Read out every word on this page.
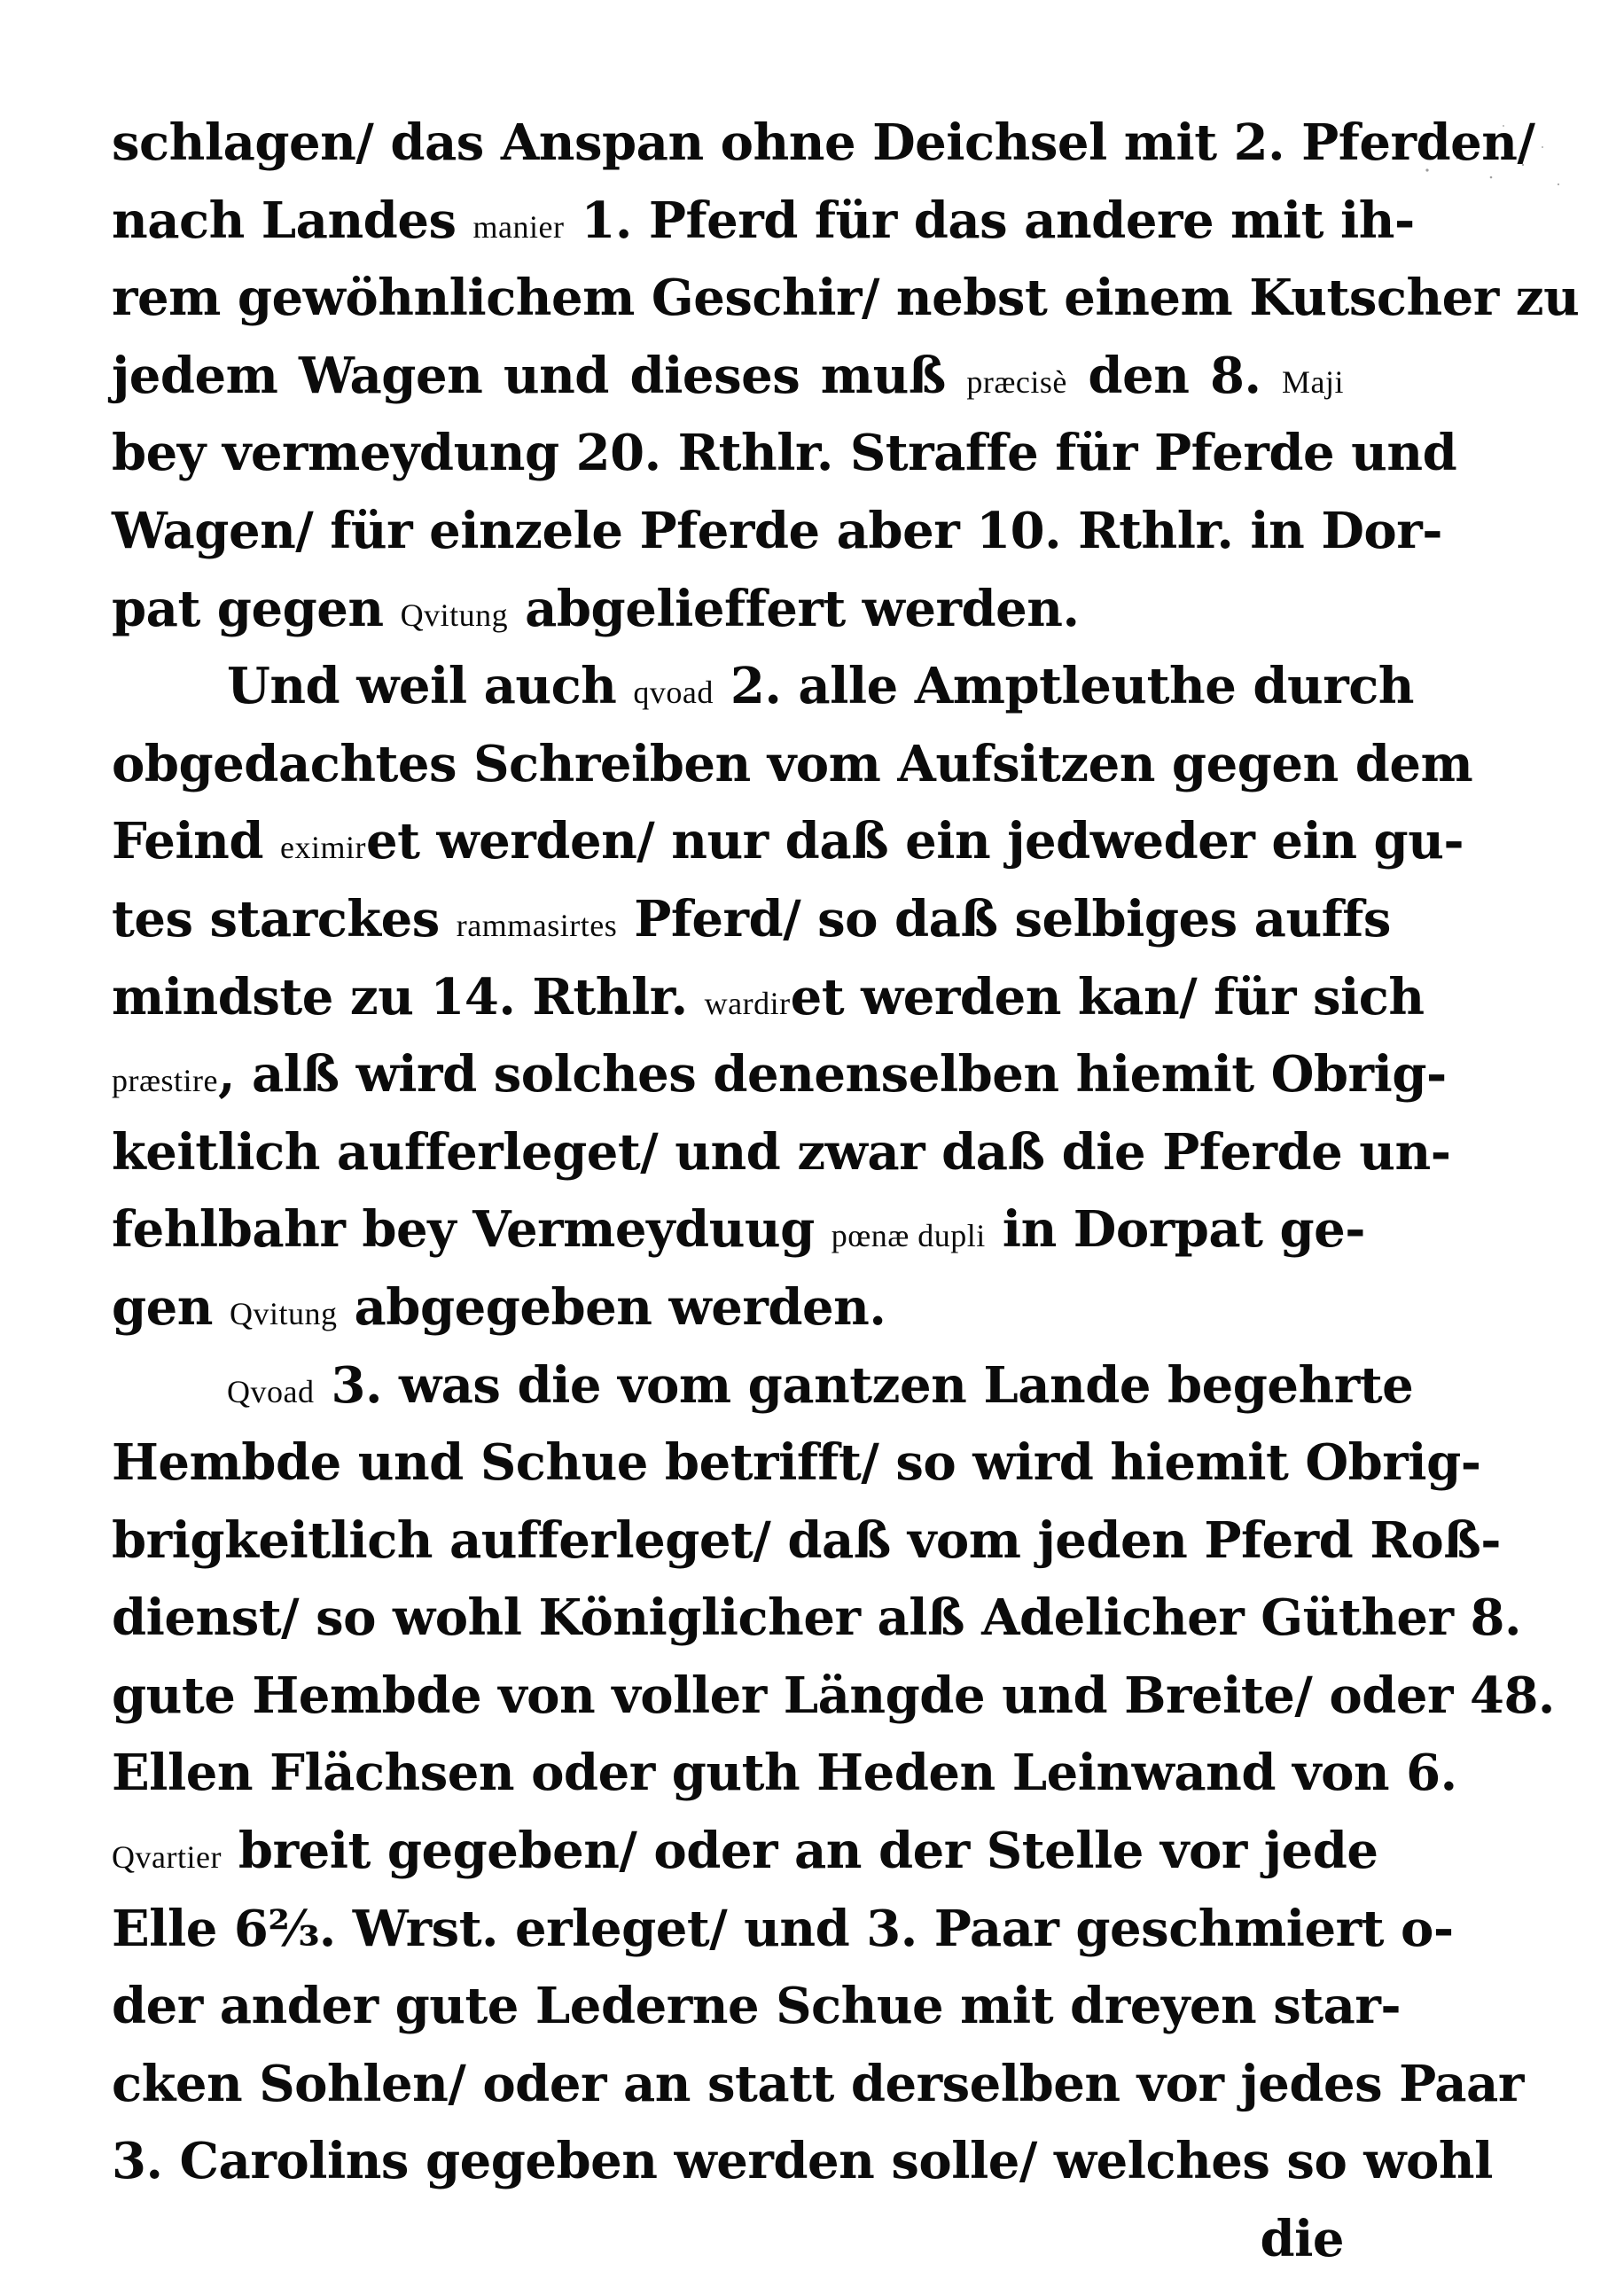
schlagen/ das Anspan ohne Deichsel mit 2. Pferden/
nach Landes manier 1. Pferd für das andere mit ih-
rem gewöhnlichem Geschir/ nebst einem Kutscher zu
jedem Wagen und dieses muß præcisè den 8. Maji
bey vermeydung 20. Rthlr. Straffe für Pferde und
Wagen/ für einzele Pferde aber 10. Rthlr. in Dor-
pat gegen Qvitung abgelieffert werden.
Und weil auch qvoad 2. alle Amptleuthe durch
obgedachtes Schreiben vom Aufsitzen gegen dem
Feind eximiret werden/ nur daß ein jedweder ein gu-
tes starckes rammasirtes Pferd/ so daß selbiges auffs
mindste zu 14. Rthlr. wardiret werden kan/ für sich
præstire, alß wird solches denenselben hiemit Obrig-
keitlich aufferleget/ und zwar daß die Pferde un-
fehlbahr bey Vermeyduug pœnæ dupli in Dorpat ge-
gen Qvitung abgegeben werden.
Qvoad 3. was die vom gantzen Lande begehrte
Hembde und Schue betrifft/ so wird hiemit Obrig-
brigkeitlich aufferleget/ daß vom jeden Pferd Roß-
dienst/ so wohl Königlicher alß Adelicher Güther 8.
gute Hembde von voller Längde und Breite/ oder 48.
Ellen Flächsen oder guth Heden Leinwand von 6.
Qvartier breit gegeben/ oder an der Stelle vor jede
Elle 6⅔. Wrst. erleget/ und 3. Paar geschmiert o-
der ander gute Lederne Schue mit dreyen star-
cken Sohlen/ oder an statt derselben vor jedes Paar
3. Carolins gegeben werden solle/ welches so wohl
die
